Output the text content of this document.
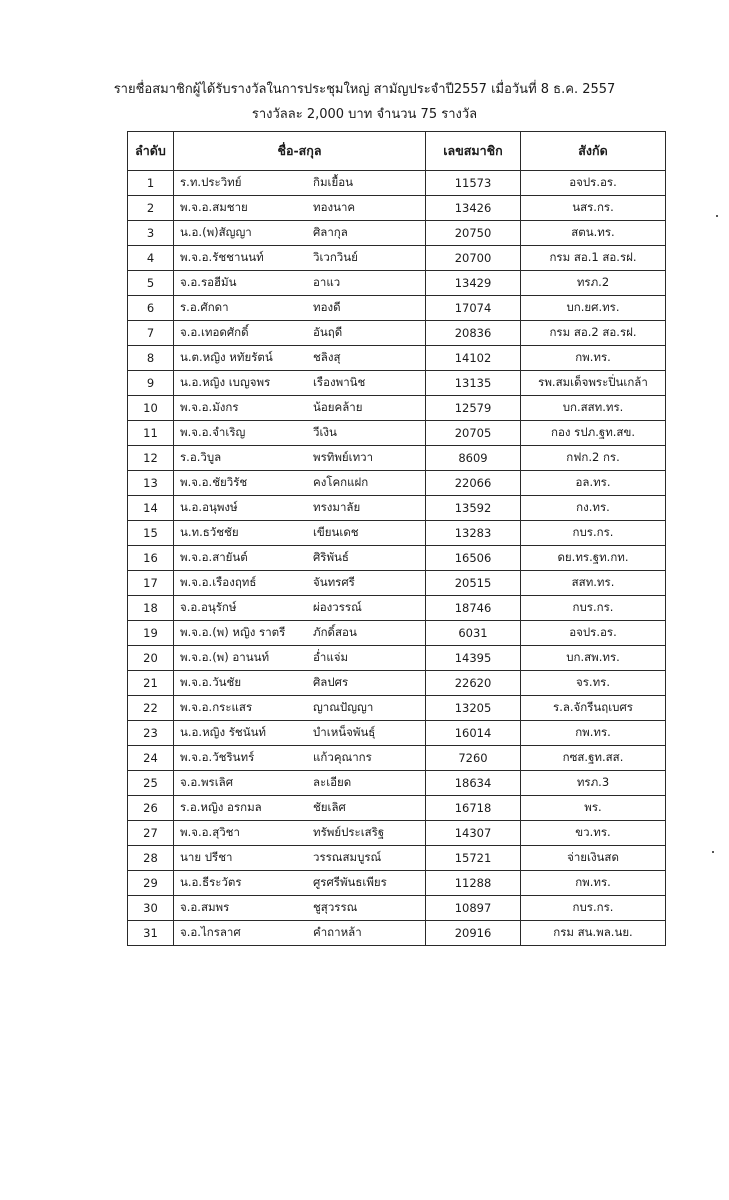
รายชื่อสมาชิกผู้ได้รับรางวัลในการประชุมใหญ่ สามัญประจำปี2557 เมื่อวันที่ 8 ธ.ค. 2557
รางวัลละ 2,000 บาท จำนวน 75 รางวัล
ลำดับ	ชื่อ-สกุล	เลขสมาชิก	สังกัด
1	ร.ท.ประวิทย์ กิมเยื้อน	11573	อจปร.อร.
2	พ.จ.อ.สมชาย ทองนาค	13426	นสร.กร.
3	น.อ.(พ)สัญญา ศิลากุล	20750	สตน.ทร.
4	พ.จ.อ.รัชชานนท์ วิเวกวินย์	20700	กรม สอ.1 สอ.รฝ.
5	จ.อ.รอฮีมัน อาแว	13429	ทรภ.2
6	ร.อ.ศักดา ทองดี	17074	บก.ยศ.ทร.
7	จ.อ.เทอดศักดิ์ อันฤดี	20836	กรม สอ.2 สอ.รฝ.
8	น.ต.หญิง หทัยรัตน์ ชลิงสุ	14102	กพ.ทร.
9	น.อ.หญิง เบญจพร เรืองพานิช	13135	รพ.สมเด็จพระปิ่นเกล้า
10	พ.จ.อ.มังกร น้อยคล้าย	12579	บก.สสท.ทร.
11	พ.จ.อ.จำเริญ วีเงิน	20705	กอง รปภ.ฐท.สข.
12	ร.อ.วิบูล พรทิพย์เทวา	8609	กฟก.2 กร.
13	พ.จ.อ.ชัยวิรัช คงโคกแฝก	22066	อล.ทร.
14	น.อ.อนุพงษ์ ทรงมาลัย	13592	กง.ทร.
15	น.ท.ธวัชชัย เขียนเดช	13283	กบร.กร.
16	พ.จ.อ.สายันต์ ศิริพันธ์	16506	ดย.ทร.ฐท.กท.
17	พ.จ.อ.เรืองฤทธ์ จันทรศรี	20515	สสท.ทร.
18	จ.อ.อนุรักษ์ ผ่องวรรณ์	18746	กบร.กร.
19	พ.จ.อ.(พ) หญิง ราตรี ภักดิ์สอน	6031	อจปร.อร.
20	พ.จ.อ.(พ) อานนท์ อ่ำแจ่ม	14395	บก.สพ.ทร.
21	พ.จ.อ.วันชัย ศิลปศร	22620	จร.ทร.
22	พ.จ.อ.กระแสร ญาณปัญญา	13205	ร.ล.จักรีนฤเบศร
23	น.อ.หญิง รัชนันท์ บำเหน็จพันธุ์	16014	กพ.ทร.
24	พ.จ.อ.วัชรินทร์ แก้วคุณากร	7260	กซส.ฐท.สส.
25	จ.อ.พรเลิศ ละเอียด	18634	ทรภ.3
26	ร.อ.หญิง อรกมล ชัยเลิศ	16718	พร.
27	พ.จ.อ.สุวิชา ทรัพย์ประเสริฐ	14307	ขว.ทร.
28	นาย ปรีชา วรรณสมบูรณ์	15721	จ่ายเงินสด
29	น.อ.ธีระวัตร ศูรศรีพันธเพียร	11288	กพ.ทร.
30	จ.อ.สมพร ชูสุวรรณ	10897	กบร.กร.
31	จ.อ.ไกรลาศ คำถาหล้า	20916	กรม สน.พล.นย.
